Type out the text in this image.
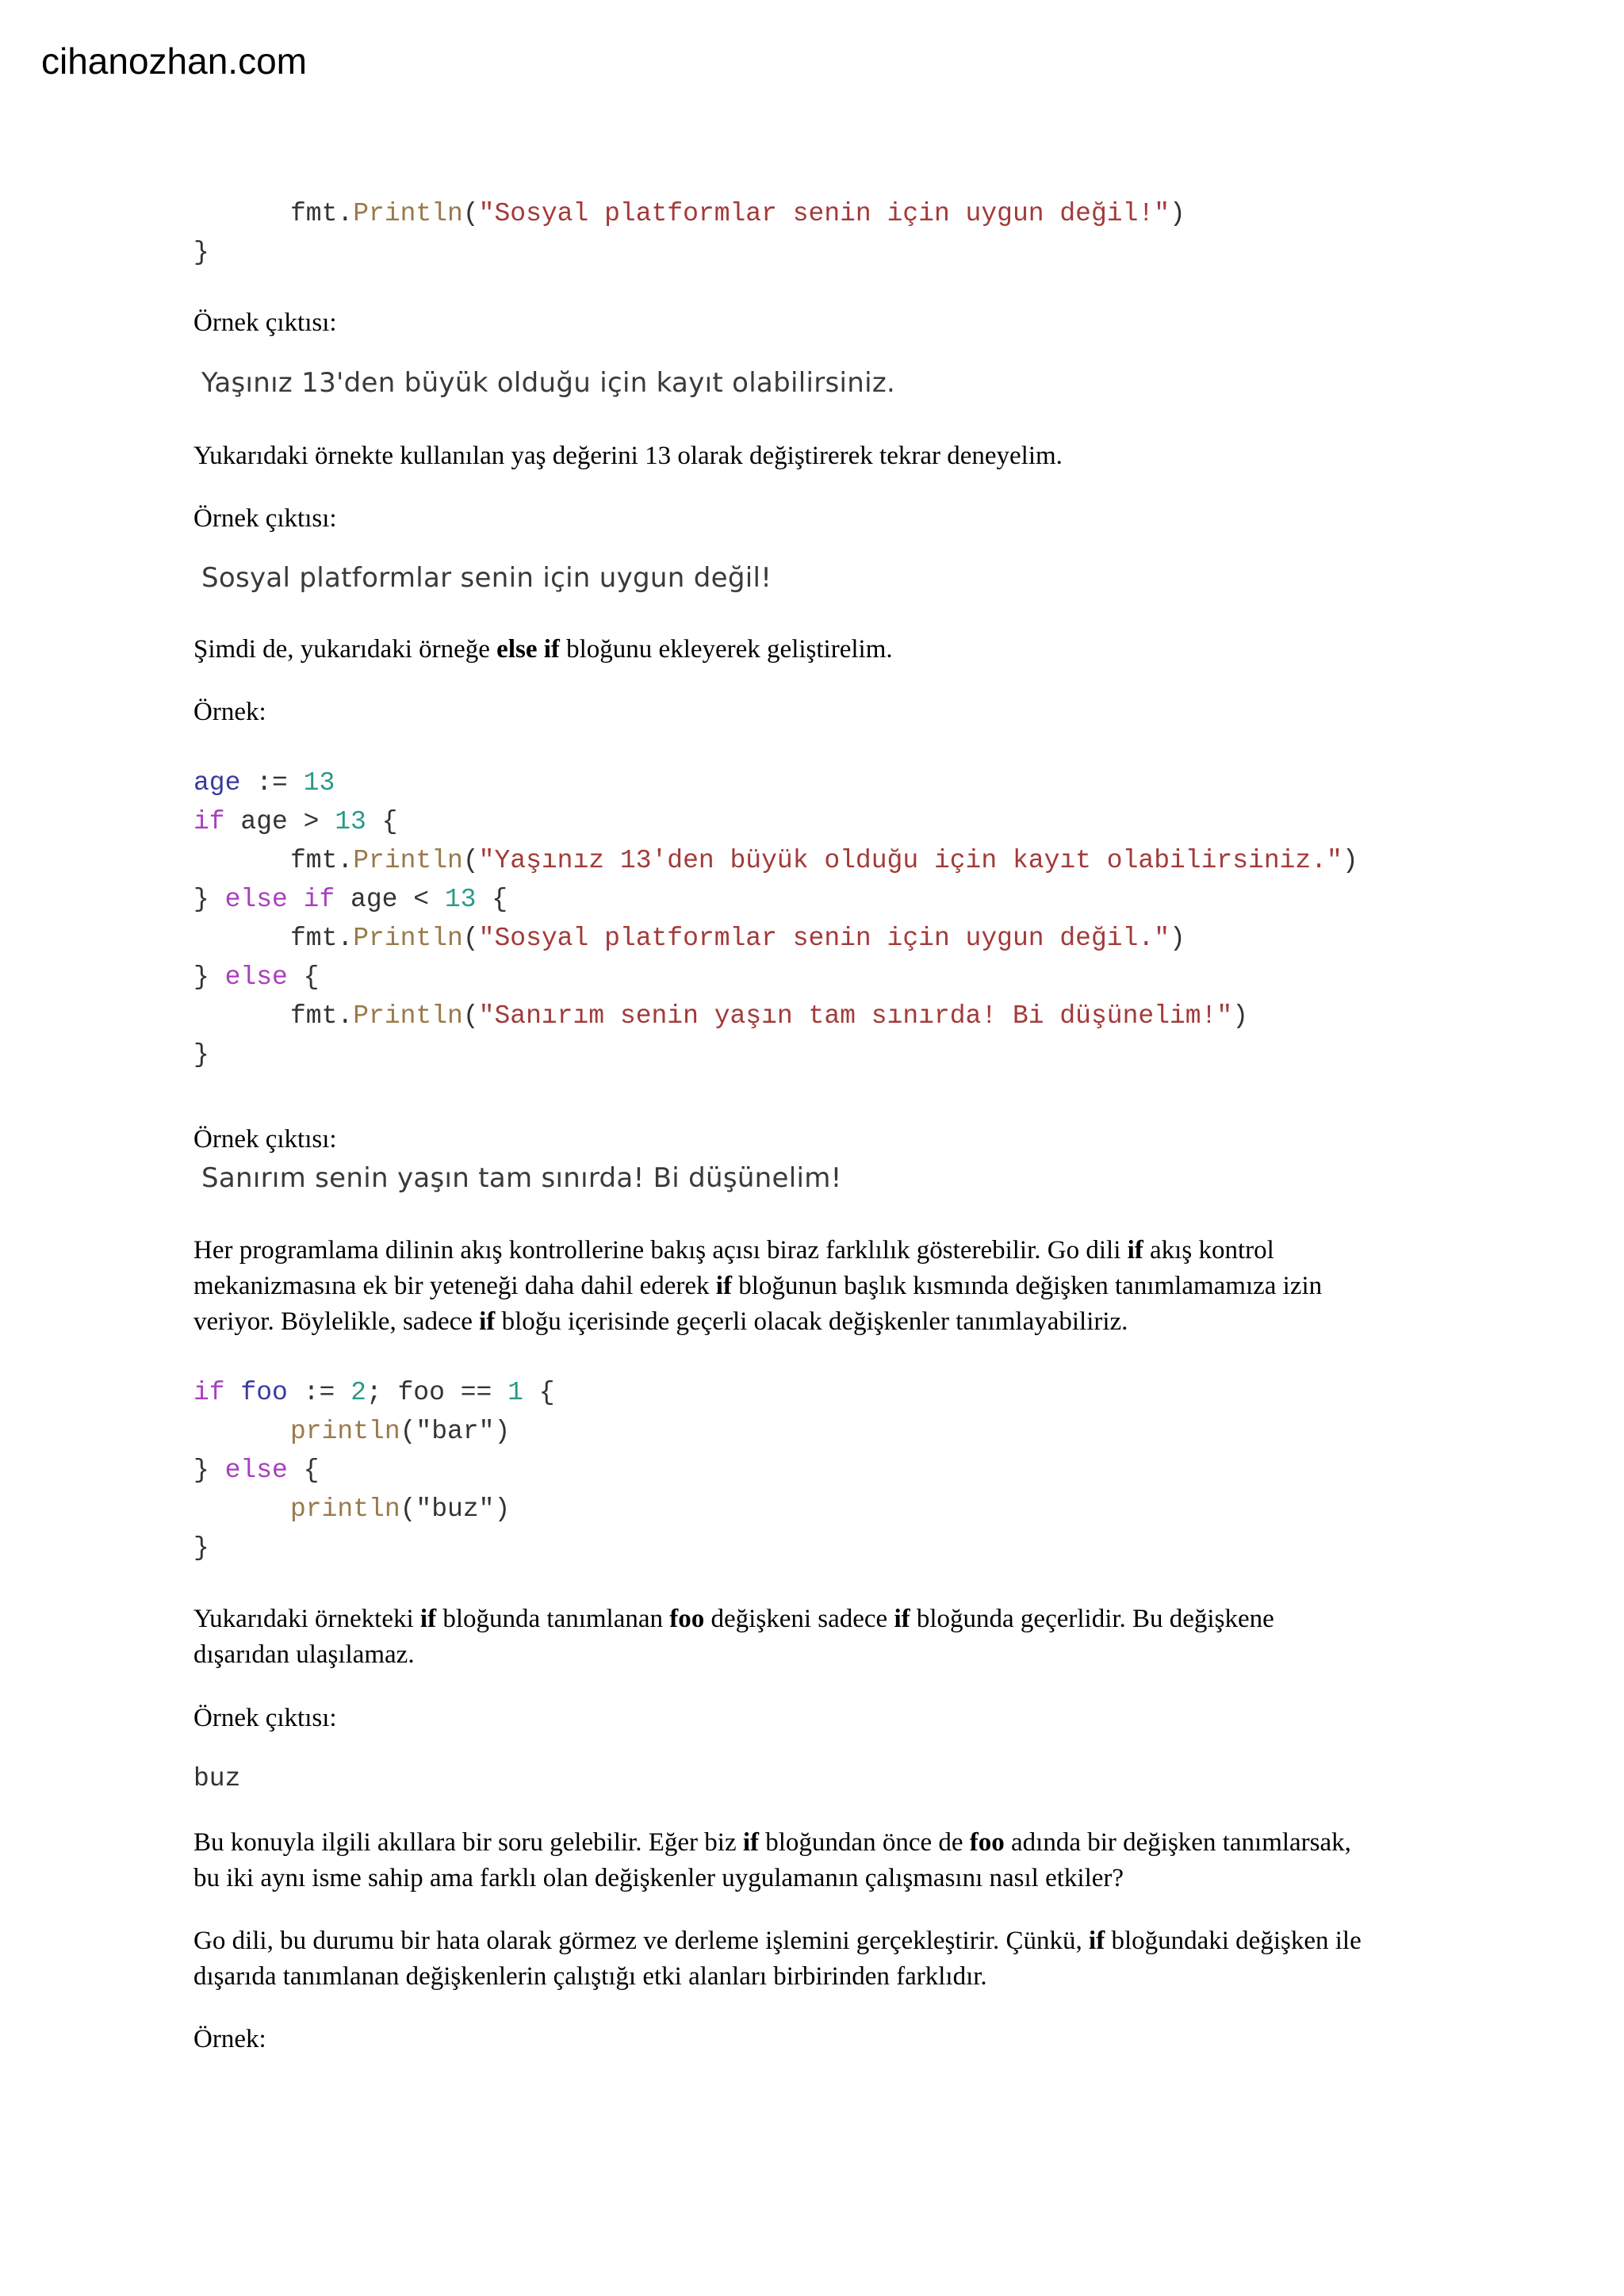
cihanozhan.com
fmt.Println("Sosyal platformlar senin için uygun değil!")
}

Örnek çıktısı:

Yaşınız 13'den büyük olduğu için kayıt olabilirsiniz.

Yukarıdaki örnekte kullanılan yaş değerini 13 olarak değiştirerek tekrar deneyelim.

Örnek çıktısı:

Sosyal platformlar senin için uygun değil!

Şimdi de, yukarıdaki örneğe else if bloğunu ekleyerek geliştirelim.

Örnek:

age := 13
if age > 13 {
fmt.Println("Yaşınız 13'den büyük olduğu için kayıt olabilirsiniz.")
} else if age < 13 {
fmt.Println("Sosyal platformlar senin için uygun değil.")
} else {
fmt.Println("Sanırım senin yaşın tam sınırda! Bi düşünelim!")
}

Örnek çıktısı:

Sanırım senin yaşın tam sınırda! Bi düşünelim!

Her programlama dilinin akış kontrollerine bakış açısı biraz farklılık gösterebilir. Go dili if akış kontrol
mekanizmasına ek bir yeteneği daha dahil ederek if bloğunun başlık kısmında değişken tanımlamamıza izin
veriyor. Böylelikle, sadece if bloğu içerisinde geçerli olacak değişkenler tanımlayabiliriz.

if foo := 2; foo == 1 {
println("bar")
} else {
println("buz")
}

Yukarıdaki örnekteki if bloğunda tanımlanan foo değişkeni sadece if bloğunda geçerlidir. Bu değişkene
dışarıdan ulaşılamaz.

Örnek çıktısı:

buz

Bu konuyla ilgili akıllara bir soru gelebilir. Eğer biz if bloğundan önce de foo adında bir değişken tanımlarsak,
bu iki aynı isme sahip ama farklı olan değişkenler uygulamanın çalışmasını nasıl etkiler?

Go dili, bu durumu bir hata olarak görmez ve derleme işlemini gerçekleştirir. Çünkü, if bloğundaki değişken ile
dışarıda tanımlanan değişkenlerin çalıştığı etki alanları birbirinden farklıdır.

Örnek:
